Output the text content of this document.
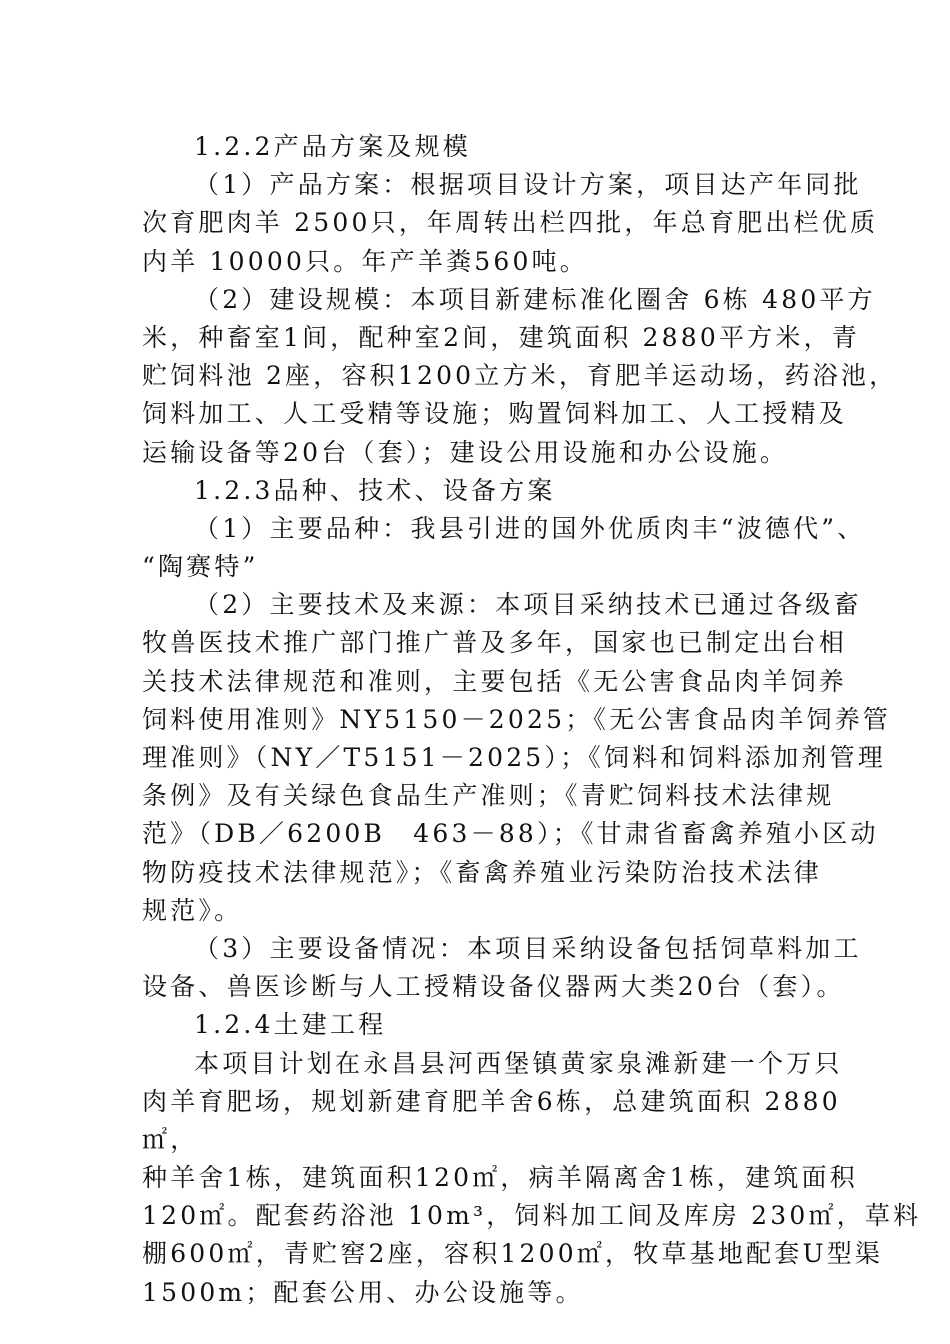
1.2.2产品方案及规模
（1）产品方案：根据项目设计方案，项目达产年同批
次育肥肉羊 2500只，年周转出栏四批，年总育肥出栏优质
内羊 10000只。年产羊粪560吨。
（2）建设规模：本项目新建标准化圈舍 6栋 480平方
米，种畜室1间，配种室2间，建筑面积 2880平方米，青
贮饲料池 2座，容积1200立方米，育肥羊运动场，药浴池，
饲料加工、人工受精等设施；购置饲料加工、人工授精及
运输设备等20台（套）；建设公用设施和办公设施。
1.2.3品种、技术、设备方案
（1）主要品种：我县引进的国外优质肉丰“波德代”、
“陶赛特”
（2）主要技术及来源：本项目采纳技术已通过各级畜
牧兽医技术推广部门推广普及多年，国家也已制定出台相
关技术法律规范和准则，主要包括《无公害食品肉羊饲养
饲料使用准则》NY5150－2025；《无公害食品肉羊饲养管
理准则》（NY／T5151－2025）；《饲料和饲料添加剂管理
条例》及有关绿色食品生产准则；《青贮饲料技术法律规
范》（DB／6200B　463－88）；《甘肃省畜禽养殖小区动
物防疫技术法律规范》；《畜禽养殖业污染防治技术法律
规范》。
（3）主要设备情况：本项目采纳设备包括饲草料加工
设备、兽医诊断与人工授精设备仪器两大类20台（套）。
1.2.4土建工程
本项目计划在永昌县河西堡镇黄家泉滩新建一个万只
肉羊育肥场，规划新建育肥羊舍6栋，总建筑面积 2880
㎡，
种羊舍1栋，建筑面积120㎡，病羊隔离舍1栋，建筑面积
120㎡。配套药浴池 10m³，饲料加工间及库房 230㎡，草料
棚600㎡，青贮窖2座，容积1200㎡，牧草基地配套U型渠
1500m；配套公用、办公设施等。
